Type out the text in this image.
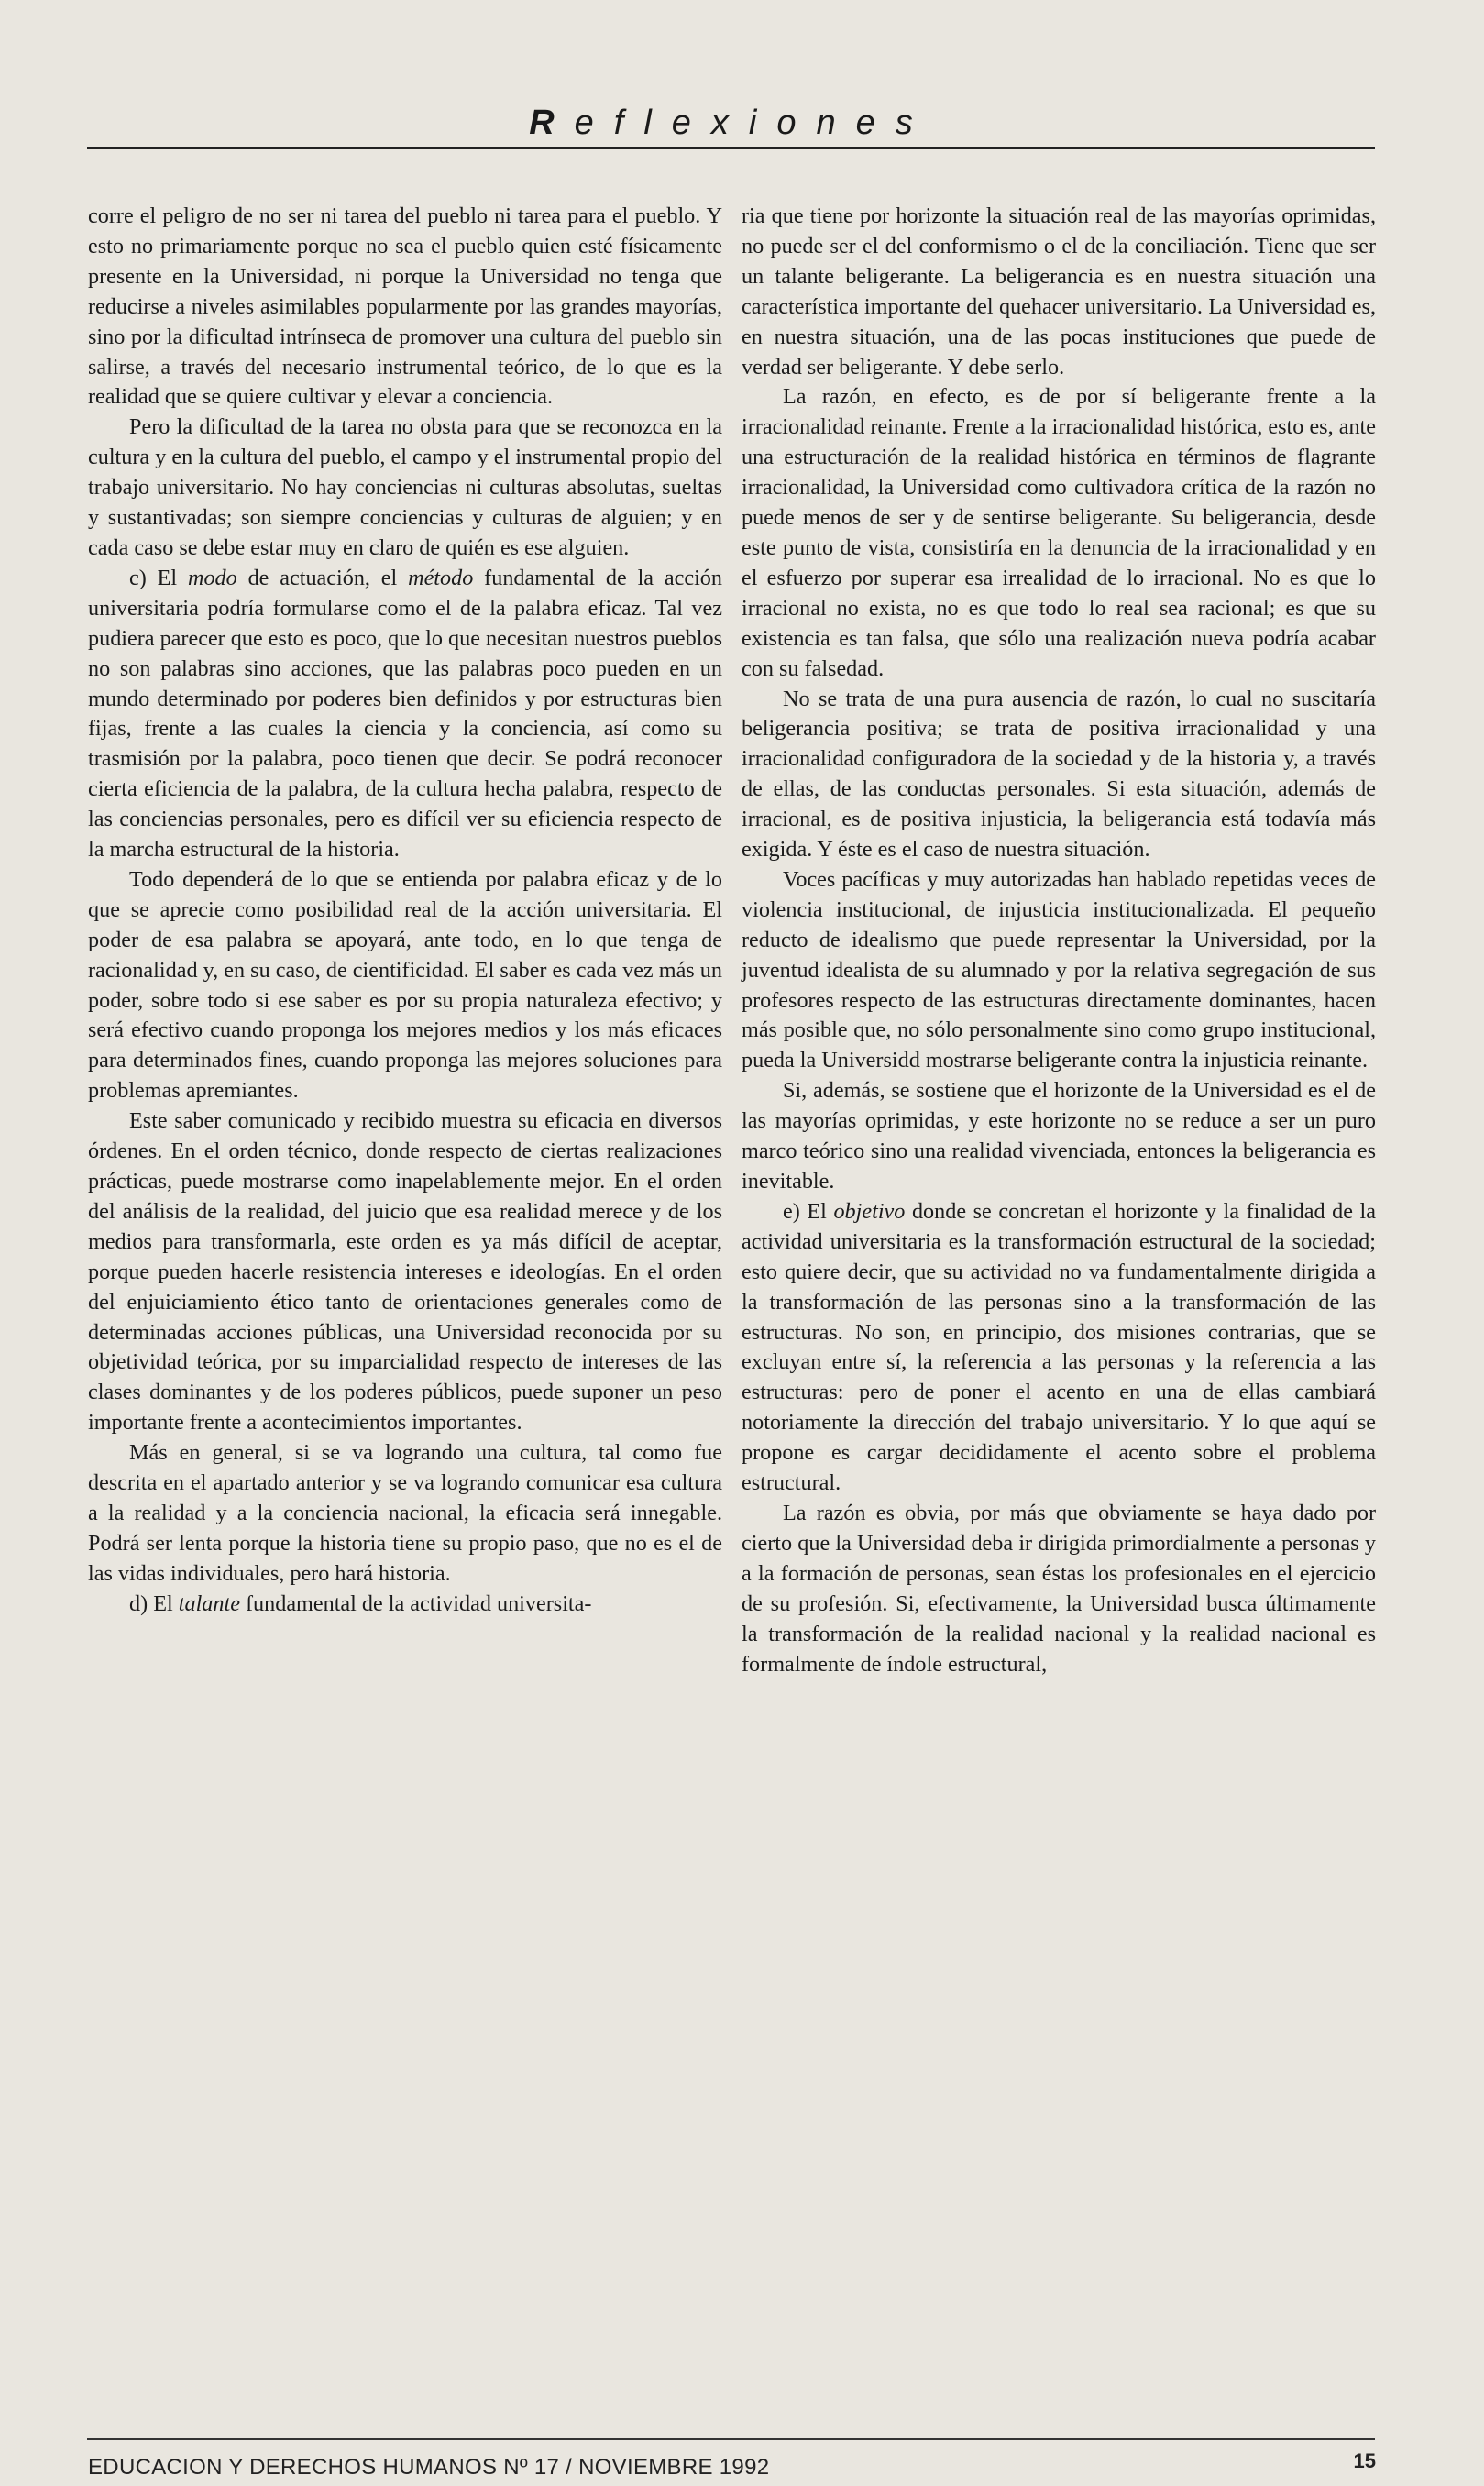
Reflexiones

corre el peligro de no ser ni tarea del pueblo ni tarea para el pueblo. Y esto no primariamente porque no sea el pueblo quien esté físicamente presente en la Universidad, ni porque la Universidad no tenga que reducirse a niveles asimilables popularmente por las grandes mayorías, sino por la dificultad intrínseca de promover una cultura del pueblo sin salirse, a través del necesario instrumental teórico, de lo que es la realidad que se quiere cultivar y elevar a conciencia.

Pero la dificultad de la tarea no obsta para que se reconozca en la cultura y en la cultura del pueblo, el campo y el instrumental propio del trabajo universitario. No hay conciencias ni culturas absolutas, sueltas y sustantivadas; son siempre conciencias y culturas de alguien; y en cada caso se debe estar muy en claro de quién es ese alguien.

c) El modo de actuación, el método fundamental de la acción universitaria podría formularse como el de la palabra eficaz. Tal vez pudiera parecer que esto es poco, que lo que necesitan nuestros pueblos no son palabras sino acciones, que las palabras poco pueden en un mundo determinado por poderes bien definidos y por estructuras bien fijas, frente a las cuales la ciencia y la conciencia, así como su trasmisión por la palabra, poco tienen que decir. Se podrá reconocer cierta eficiencia de la palabra, de la cultura hecha palabra, respecto de las conciencias personales, pero es difícil ver su eficiencia respecto de la marcha estructural de la historia.

Todo dependerá de lo que se entienda por palabra eficaz y de lo que se aprecie como posibilidad real de la acción universitaria. El poder de esa palabra se apoyará, ante todo, en lo que tenga de racionalidad y, en su caso, de cientificidad. El saber es cada vez más un poder, sobre todo si ese saber es por su propia naturaleza efectivo; y será efectivo cuando proponga los mejores medios y los más eficaces para determinados fines, cuando proponga las mejores soluciones para problemas apremiantes.

Este saber comunicado y recibido muestra su eficacia en diversos órdenes. En el orden técnico, donde respecto de ciertas realizaciones prácticas, puede mostrarse como inapelablemente mejor. En el orden del análisis de la realidad, del juicio que esa realidad merece y de los medios para transformarla, este orden es ya más difícil de aceptar, porque pueden hacerle resistencia intereses e ideologías. En el orden del enjuiciamiento ético tanto de orientaciones generales como de determinadas acciones públicas, una Universidad reconocida por su objetividad teórica, por su imparcialidad respecto de intereses de las clases dominantes y de los poderes públicos, puede suponer un peso importante frente a acontecimientos importantes.

Más en general, si se va logrando una cultura, tal como fue descrita en el apartado anterior y se va logrando comunicar esa cultura a la realidad y a la conciencia nacional, la eficacia será innegable. Podrá ser lenta porque la historia tiene su propio paso, que no es el de las vidas individuales, pero hará historia.

d) El talante fundamental de la actividad universita-

ria que tiene por horizonte la situación real de las mayorías oprimidas, no puede ser el del conformismo o el de la conciliación. Tiene que ser un talante beligerante. La beligerancia es en nuestra situación una característica importante del quehacer universitario. La Universidad es, en nuestra situación, una de las pocas instituciones que puede de verdad ser beligerante. Y debe serlo.

La razón, en efecto, es de por sí beligerante frente a la irracionalidad reinante. Frente a la irracionalidad histórica, esto es, ante una estructuración de la realidad histórica en términos de flagrante irracionalidad, la Universidad como cultivadora crítica de la razón no puede menos de ser y de sentirse beligerante. Su beligerancia, desde este punto de vista, consistiría en la denuncia de la irracionalidad y en el esfuerzo por superar esa irrealidad de lo irracional. No es que lo irracional no exista, no es que todo lo real sea racional; es que su existencia es tan falsa, que sólo una realización nueva podría acabar con su falsedad.

No se trata de una pura ausencia de razón, lo cual no suscitaría beligerancia positiva; se trata de positiva irracionalidad y una irracionalidad configuradora de la sociedad y de la historia y, a través de ellas, de las conductas personales. Si esta situación, además de irracional, es de positiva injusticia, la beligerancia está todavía más exigida. Y éste es el caso de nuestra situación.

Voces pacíficas y muy autorizadas han hablado repetidas veces de violencia institucional, de injusticia institucionalizada. El pequeño reducto de idealismo que puede representar la Universidad, por la juventud idealista de su alumnado y por la relativa segregación de sus profesores respecto de las estructuras directamente dominantes, hacen más posible que, no sólo personalmente sino como grupo institucional, pueda la Universidd mostrarse beligerante contra la injusticia reinante.

Si, además, se sostiene que el horizonte de la Universidad es el de las mayorías oprimidas, y este horizonte no se reduce a ser un puro marco teórico sino una realidad vivenciada, entonces la beligerancia es inevitable.

e) El objetivo donde se concretan el horizonte y la finalidad de la actividad universitaria es la transformación estructural de la sociedad; esto quiere decir, que su actividad no va fundamentalmente dirigida a la transformación de las personas sino a la transformación de las estructuras. No son, en principio, dos misiones contrarias, que se excluyan entre sí, la referencia a las personas y la referencia a las estructuras: pero de poner el acento en una de ellas cambiará notoriamente la dirección del trabajo universitario. Y lo que aquí se propone es cargar decididamente el acento sobre el problema estructural.

La razón es obvia, por más que obviamente se haya dado por cierto que la Universidad deba ir dirigida primordialmente a personas y a la formación de personas, sean éstas los profesionales en el ejercicio de su profesión. Si, efectivamente, la Universidad busca últimamente la transformación de la realidad nacional y la realidad nacional es formalmente de índole estructural,

EDUCACION Y DERECHOS HUMANOS Nº 17 / NOVIEMBRE 1992	15
